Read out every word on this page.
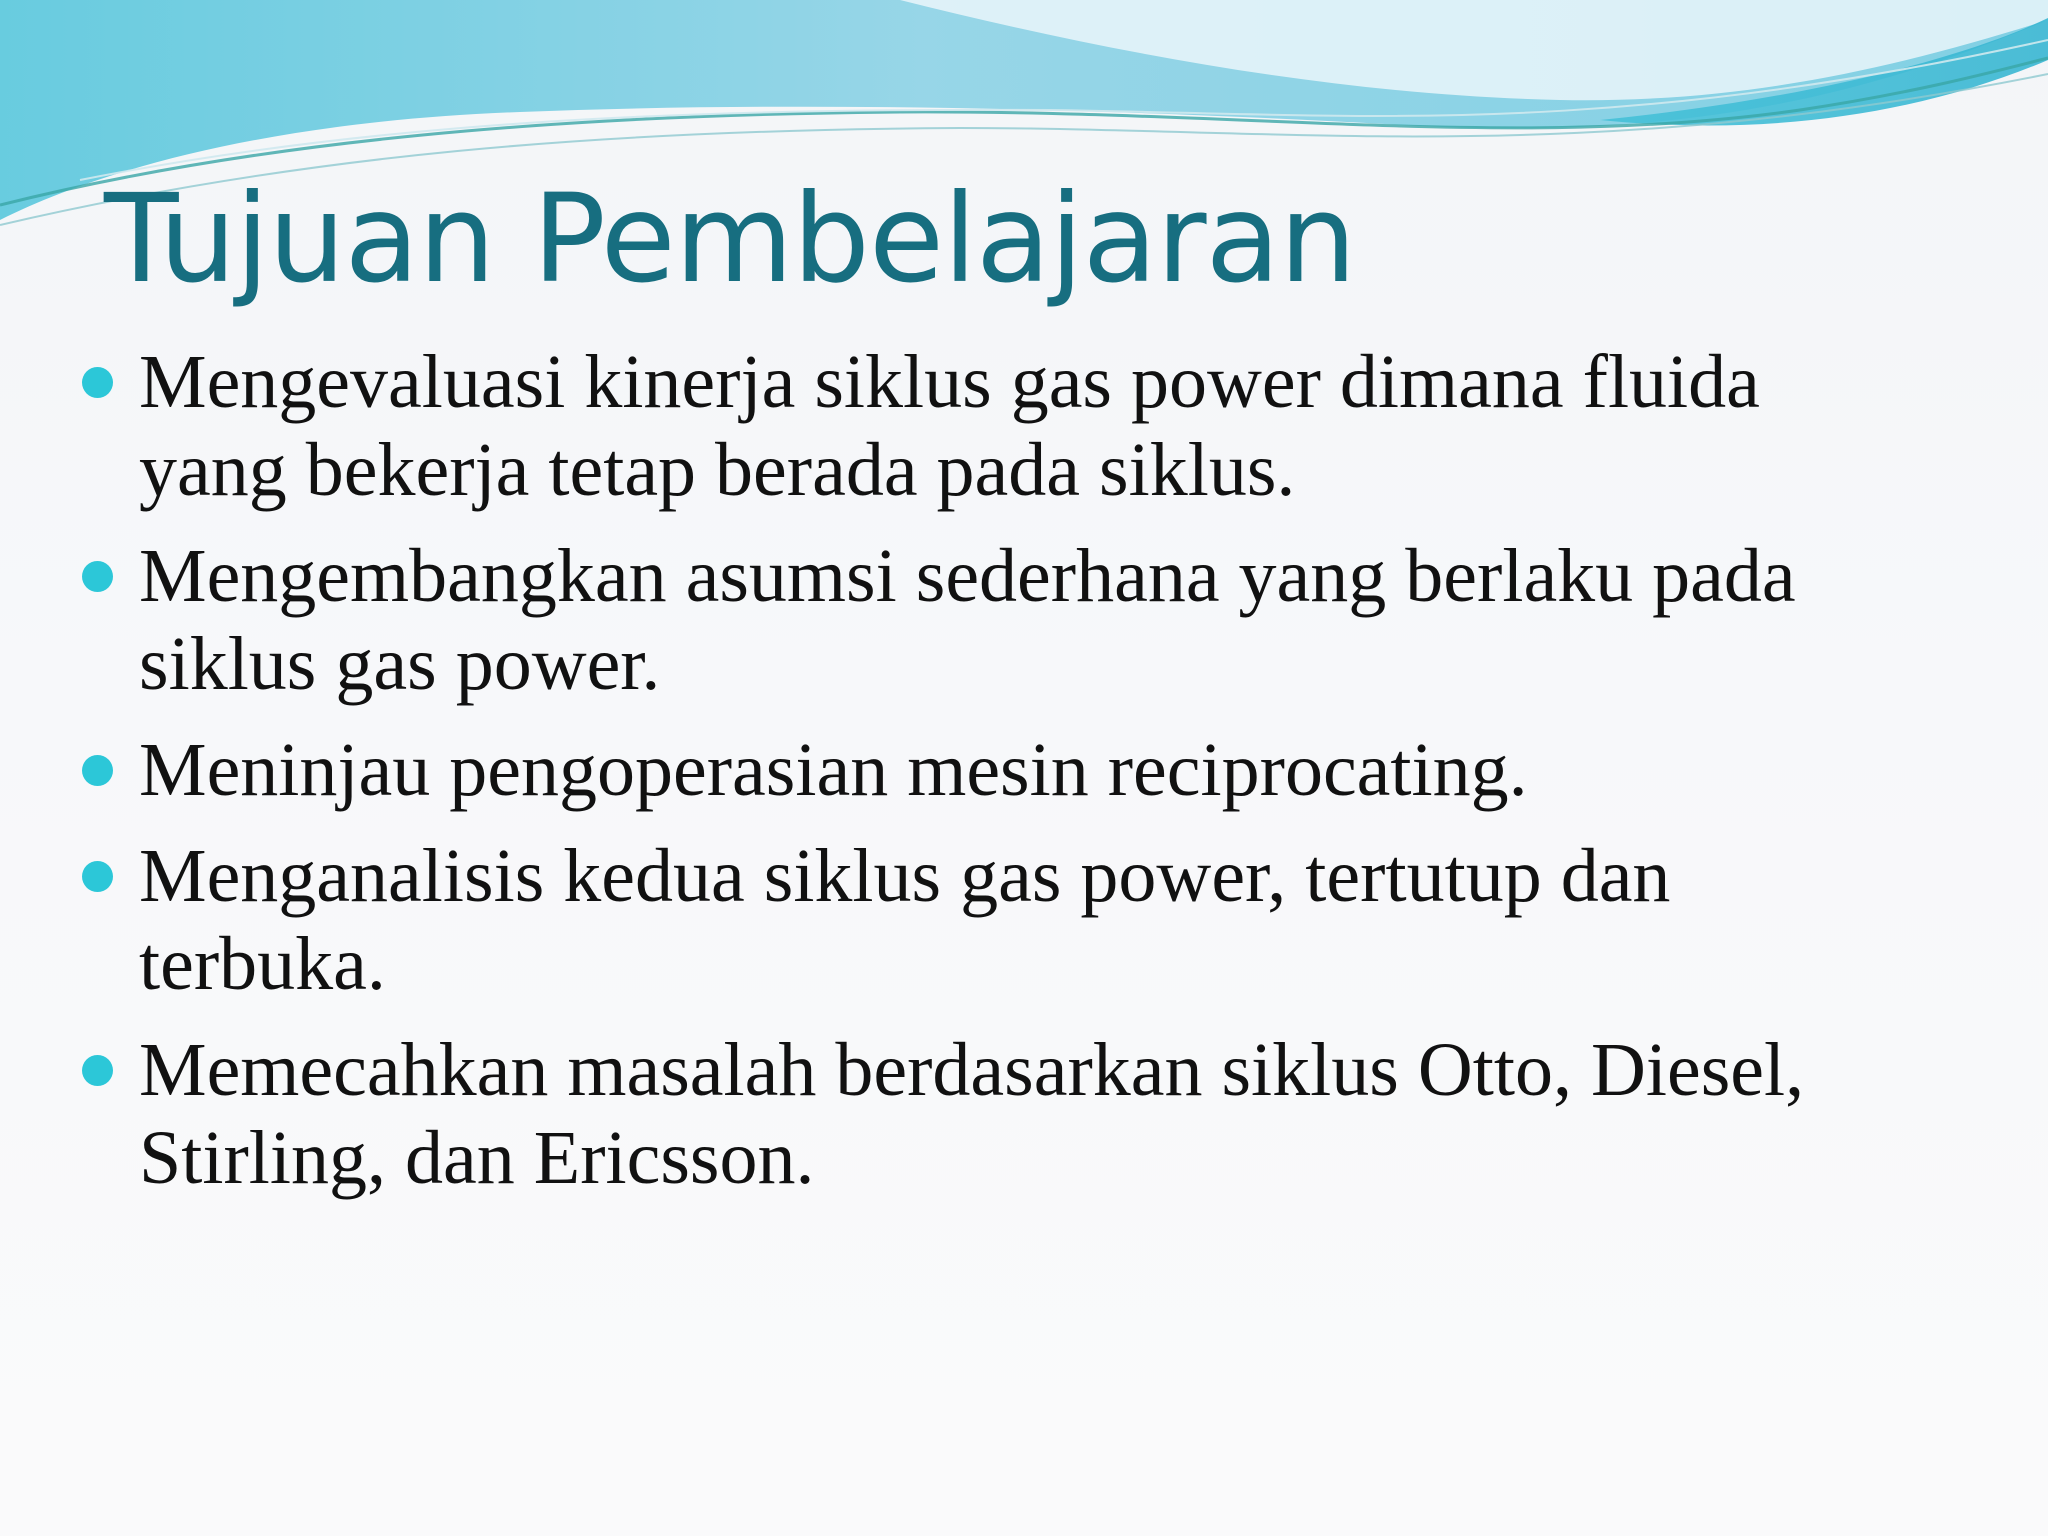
Tujuan Pembelajaran
Mengevaluasi kinerja siklus gas power dimana fluida
yang bekerja tetap berada pada siklus.
Mengembangkan asumsi sederhana yang berlaku pada
siklus gas power.
Meninjau pengoperasian mesin reciprocating.
Menganalisis kedua siklus gas power, tertutup dan
terbuka.
Memecahkan masalah berdasarkan siklus Otto, Diesel,
Stirling, dan Ericsson.
